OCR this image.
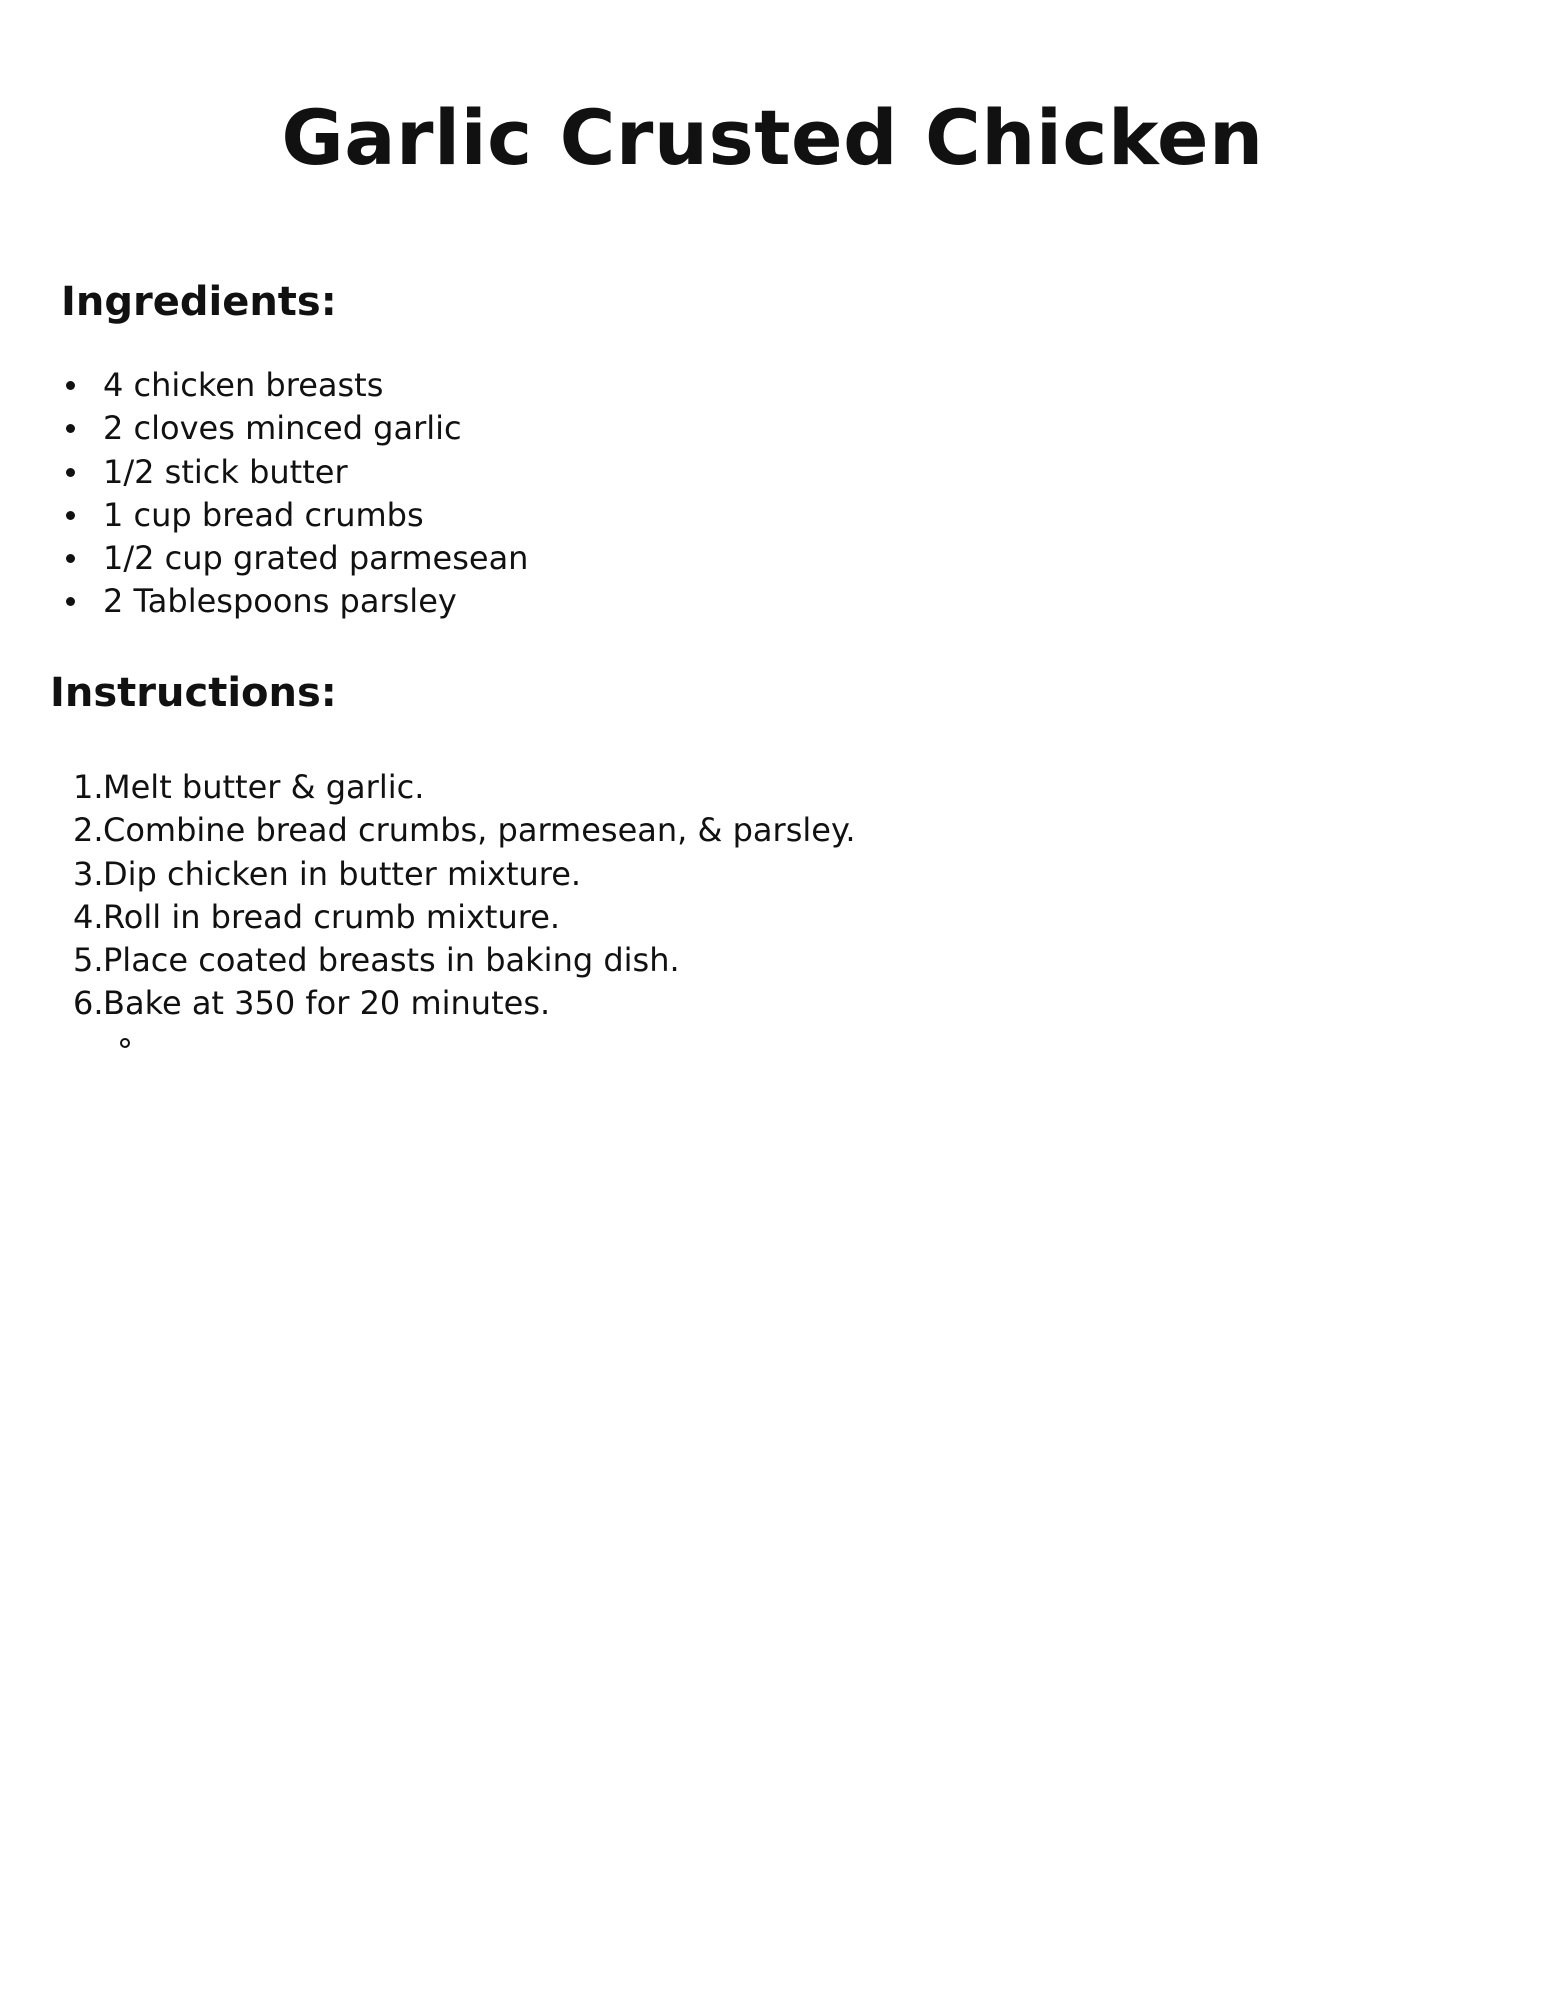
Garlic Crusted Chicken
Ingredients:
4 chicken breasts
2 cloves minced garlic
1/2 stick butter
1 cup bread crumbs
1/2 cup grated parmesean
2 Tablespoons parsley
Instructions:
1. Melt butter & garlic.
2. Combine bread crumbs, parmesean, & parsley.
3. Dip chicken in butter mixture.
4. Roll in bread crumb mixture.
5. Place coated breasts in baking dish.
6. Bake at 350 for 20 minutes.
